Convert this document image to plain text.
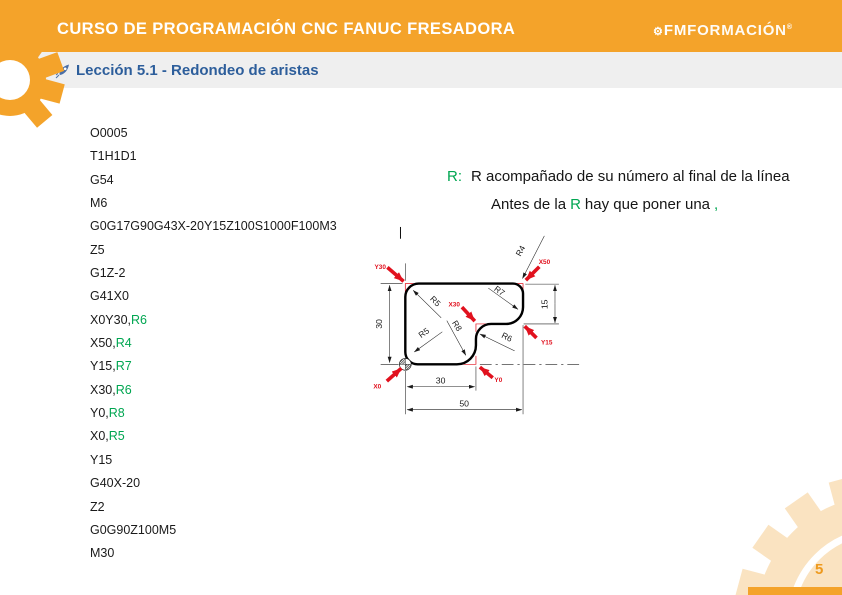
CURSO DE PROGRAMACIÓN CNC FANUC FRESADORA	⚙FMFORMACIÓN®
Lección 5.1 - Redondeo de aristas
O0005
T1H1D1
G54
M6
G0G17G90G43X-20Y15Z100S1000F100M3
Z5
G1Z-2
G41X0
X0Y30,R6
X50,R4
Y15,R7
X30,R6
Y0,R8
X0,R5
Y15
G40X-20
Z2
G0G90Z100M5
M30
R: R acompañado de su número al final de la línea
Antes de la R hay que poner una ,
30
15
30
50
R5
R5 R8
R6
R7
R4
Y30
X50
X30
Y15
Y0
X0
5
